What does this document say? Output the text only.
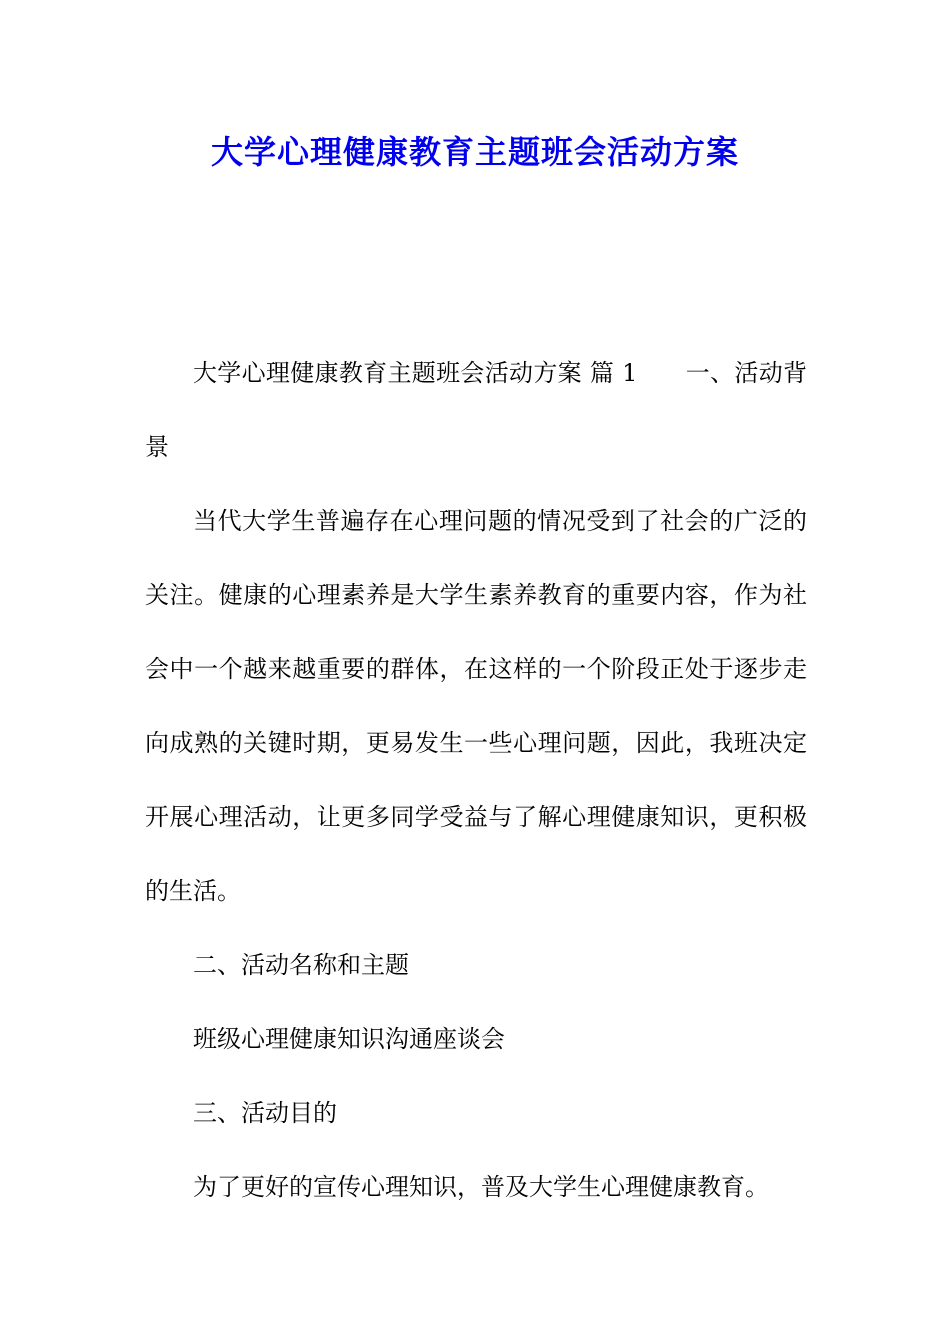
大学心理健康教育主题班会活动方案

大学心理健康教育主题班会活动方案 篇 1 一、活动背景

当代大学生普遍存在心理问题的情况受到了社会的广泛的关注。健康的心理素养是大学生素养教育的重要内容，作为社会中一个越来越重要的群体，在这样的一个阶段正处于逐步走向成熟的关键时期，更易发生一些心理问题，因此，我班决定开展心理活动，让更多同学受益与了解心理健康知识，更积极的生活。

二、活动名称和主题

班级心理健康知识沟通座谈会

三、活动目的

为了更好的宣传心理知识，普及大学生心理健康教育。
